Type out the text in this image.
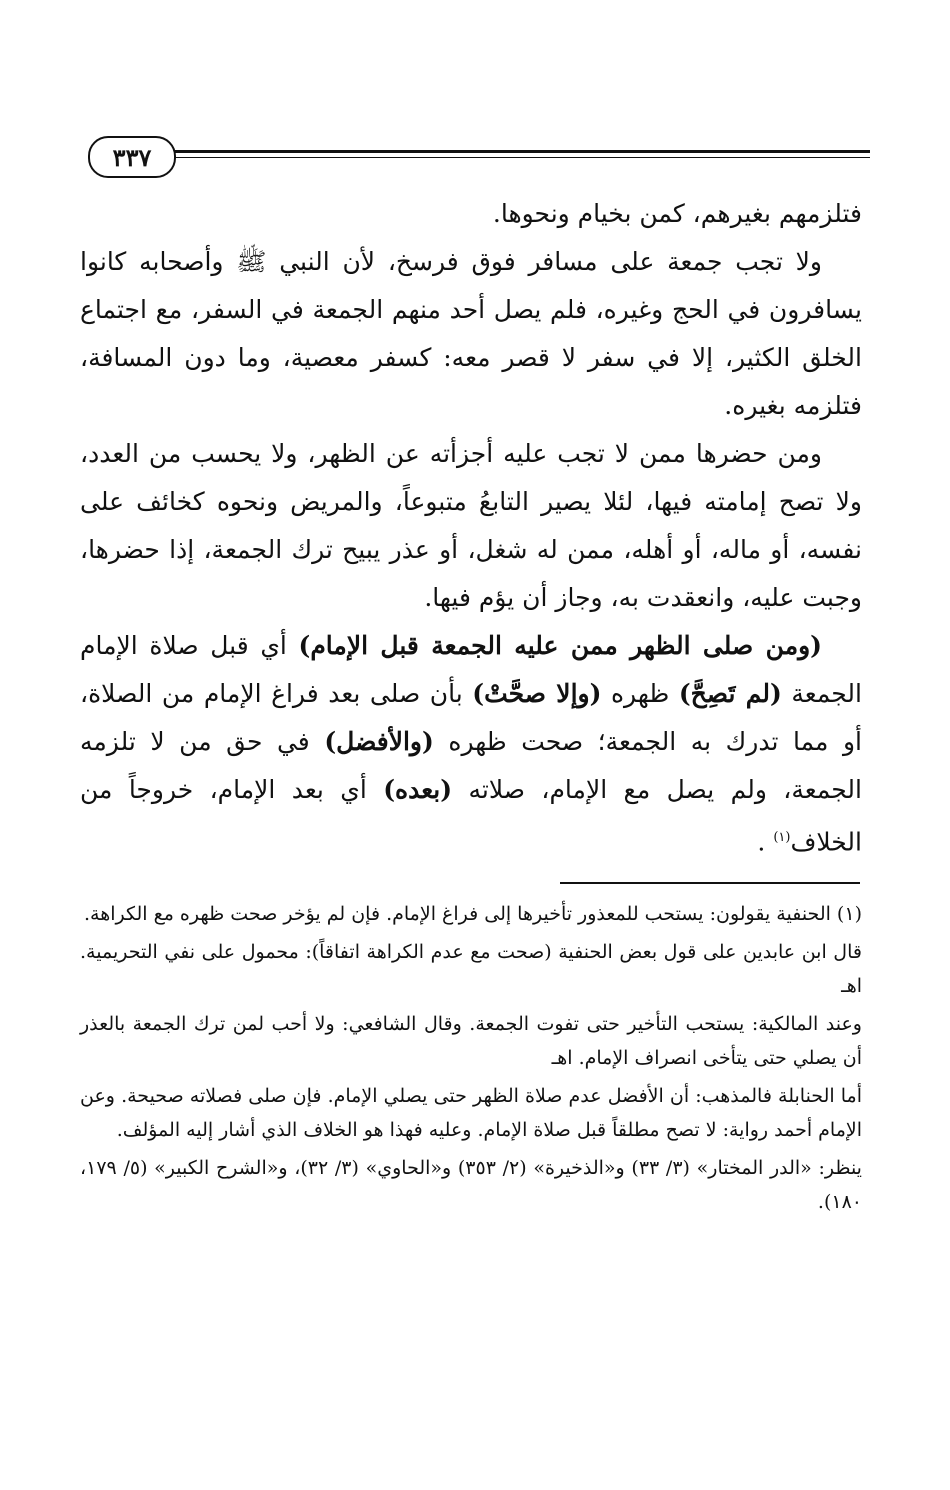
٣٣٧

فتلزمهم بغيرهم، كمن بخيام ونحوها.

ولا تجب جمعة على مسافر فوق فرسخ، لأن النبي ﷺ وأصحابه كانوا يسافرون في الحج وغيره، فلم يصل أحد منهم الجمعة في السفر، مع اجتماع الخلق الكثير، إلا في سفر لا قصر معه: كسفر معصية، وما دون المسافة، فتلزمه بغيره.

ومن حضرها ممن لا تجب عليه أجزأته عن الظهر، ولا يحسب من العدد، ولا تصح إمامته فيها، لئلا يصير التابعُ متبوعاً، والمريض ونحوه كخائف على نفسه، أو ماله، أو أهله، ممن له شغل، أو عذر يبيح ترك الجمعة، إذا حضرها، وجبت عليه، وانعقدت به، وجاز أن يؤم فيها.

(ومن صلى الظهر ممن عليه الجمعة قبل الإمام) أي قبل صلاة الإمام الجمعة (لم تَصِحَّ) ظهره (وإلا صحَّتْ) بأن صلى بعد فراغ الإمام من الصلاة، أو مما تدرك به الجمعة؛ صحت ظهره (والأفضل) في حق من لا تلزمه الجمعة، ولم يصل مع الإمام، صلاته (بعده) أي بعد الإمام، خروجاً من الخلاف$^{(١)}$ .

(١) الحنفية يقولون: يستحب للمعذور تأخيرها إلى فراغ الإمام. فإن لم يؤخر صحت ظهره مع الكراهة.

قال ابن عابدين على قول بعض الحنفية (صحت مع عدم الكراهة اتفاقاً): محمول على نفي التحريمية. اهـ

وعند المالكية: يستحب التأخير حتى تفوت الجمعة. وقال الشافعي: ولا أحب لمن ترك الجمعة بالعذر أن يصلي حتى يتأخى انصراف الإمام. اهـ

أما الحنابلة فالمذهب: أن الأفضل عدم صلاة الظهر حتى يصلي الإمام. فإن صلى فصلاته صحيحة. وعن الإمام أحمد رواية: لا تصح مطلقاً قبل صلاة الإمام. وعليه فهذا هو الخلاف الذي أشار إليه المؤلف.

ينظر: «الدر المختار» (٣/ ٣٣) و«الذخيرة» (٢/ ٣٥٣) و«الحاوي» (٣/ ٣٢)، و«الشرح الكبير» (٥/ ١٧٩، ١٨٠).
